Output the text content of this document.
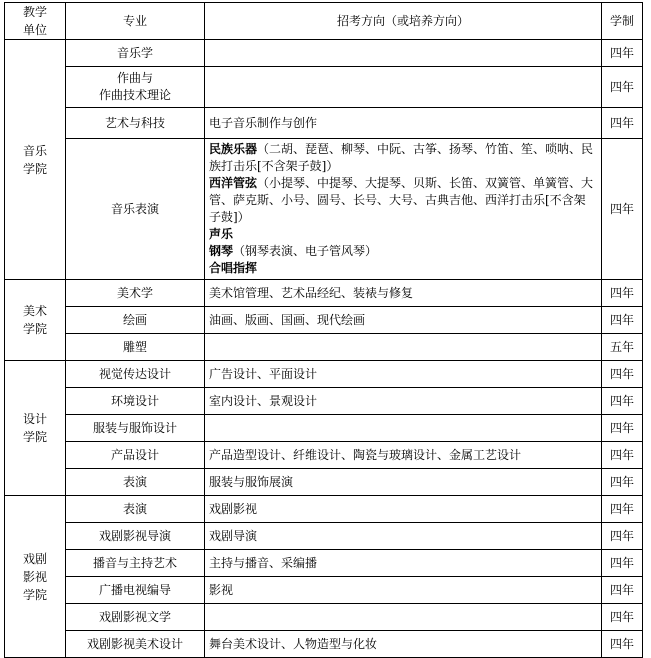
教学单位	专业	招考方向（或培养方向）	学制
音乐学院	音乐学		四年

	作曲与
作曲技术理论		四年
	艺术与科技	电子音乐制作与创作	四年
	音乐表演	民族乐器（二胡、琵琶、柳琴、中阮、古筝、扬琴、竹笛、笙、唢呐、民族打击乐[不含架子鼓]）
西洋管弦（小提琴、中提琴、大提琴、贝斯、长笛、双簧管、单簧管、大管、萨克斯、小号、圆号、长号、大号、古典吉他、西洋打击乐[不含架子鼓]）
声乐
钢琴（钢琴表演、电子管风琴）
合唱指挥	四年
美术学院	美术学	美术馆管理、艺术品经纪、装裱与修复	四年
	绘画	油画、版画、国画、现代绘画	四年
	雕塑		五年
设计学院	视觉传达设计	广告设计、平面设计	四年
	环境设计	室内设计、景观设计	四年
	服装与服饰设计		四年
	产品设计	产品造型设计、纤维设计、陶瓷与玻璃设计、金属工艺设计	四年
	表演	服装与服饰展演	四年
戏剧影视学院	表演	戏剧影视	四年
	戏剧影视导演	戏剧导演	四年
	播音与主持艺术	主持与播音、采编播	四年
	广播电视编导	影视	四年
	戏剧影视文学		四年
	戏剧影视美术设计	舞台美术设计、人物造型与化妆	四年
